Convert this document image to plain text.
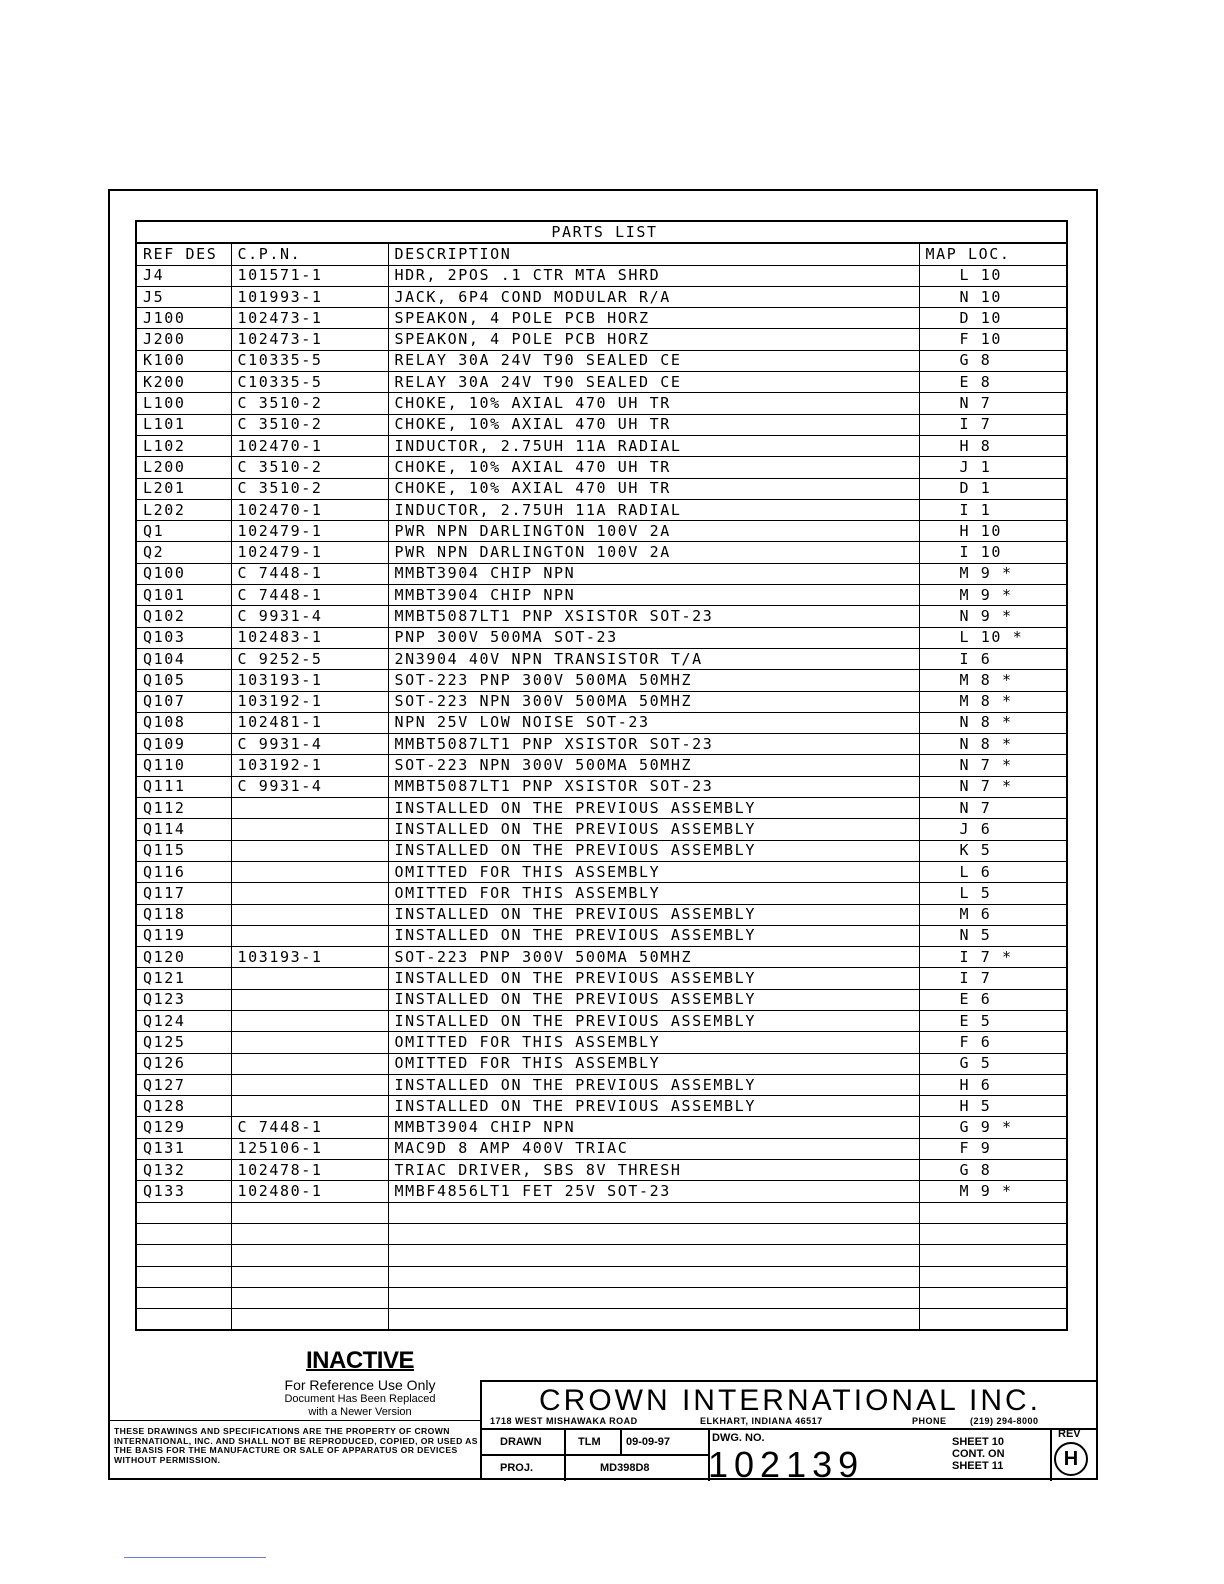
PARTS LIST			
REF DES	C.P.N.	DESCRIPTION	MAP LOC.
J4	101571-1	HDR, 2POS .1 CTR MTA SHRD	L 10
J5	101993-1	JACK, 6P4 COND MODULAR R/A	N 10
J100	102473-1	SPEAKON, 4 POLE PCB HORZ	D 10
J200	102473-1	SPEAKON, 4 POLE PCB HORZ	F 10
K100	C10335-5	RELAY 30A 24V T90 SEALED CE	G 8
K200	C10335-5	RELAY 30A 24V T90 SEALED CE	E 8
L100	C 3510-2	CHOKE, 10% AXIAL 470 UH TR	N 7
L101	C 3510-2	CHOKE, 10% AXIAL 470 UH TR	I 7
L102	102470-1	INDUCTOR, 2.75UH 11A RADIAL	H 8
L200	C 3510-2	CHOKE, 10% AXIAL 470 UH TR	J 1
L201	C 3510-2	CHOKE, 10% AXIAL 470 UH TR	D 1
L202	102470-1	INDUCTOR, 2.75UH 11A RADIAL	I 1
Q1	102479-1	PWR NPN DARLINGTON 100V 2A	H 10
Q2	102479-1	PWR NPN DARLINGTON 100V 2A	I 10
Q100	C 7448-1	MMBT3904 CHIP NPN	M 9 *
Q101	C 7448-1	MMBT3904 CHIP NPN	M 9 *
Q102	C 9931-4	MMBT5087LT1 PNP XSISTOR SOT-23	N 9 *
Q103	102483-1	PNP 300V 500MA SOT-23	L 10 *
Q104	C 9252-5	2N3904 40V NPN TRANSISTOR T/A	I 6
Q105	103193-1	SOT-223 PNP 300V 500MA 50MHZ	M 8 *
Q107	103192-1	SOT-223 NPN 300V 500MA 50MHZ	M 8 *
Q108	102481-1	NPN 25V LOW NOISE SOT-23	N 8 *
Q109	C 9931-4	MMBT5087LT1 PNP XSISTOR SOT-23	N 8 *
Q110	103192-1	SOT-223 NPN 300V 500MA 50MHZ	N 7 *
Q111	C 9931-4	MMBT5087LT1 PNP XSISTOR SOT-23	N 7 *
Q112		INSTALLED ON THE PREVIOUS ASSEMBLY	N 7
Q114		INSTALLED ON THE PREVIOUS ASSEMBLY	J 6
Q115		INSTALLED ON THE PREVIOUS ASSEMBLY	K 5
Q116		OMITTED FOR THIS ASSEMBLY	L 6
Q117		OMITTED FOR THIS ASSEMBLY	L 5
Q118		INSTALLED ON THE PREVIOUS ASSEMBLY	M 6
Q119		INSTALLED ON THE PREVIOUS ASSEMBLY	N 5
Q120	103193-1	SOT-223 PNP 300V 500MA 50MHZ	I 7 *
Q121		INSTALLED ON THE PREVIOUS ASSEMBLY	I 7
Q123		INSTALLED ON THE PREVIOUS ASSEMBLY	E 6
Q124		INSTALLED ON THE PREVIOUS ASSEMBLY	E 5
Q125		OMITTED FOR THIS ASSEMBLY	F 6
Q126		OMITTED FOR THIS ASSEMBLY	G 5
Q127		INSTALLED ON THE PREVIOUS ASSEMBLY	H 6
Q128		INSTALLED ON THE PREVIOUS ASSEMBLY	H 5
Q129	C 7448-1	MMBT3904 CHIP NPN	G 9 *
Q131	125106-1	MAC9D 8 AMP 400V TRIAC	F 9
Q132	102478-1	TRIAC DRIVER, SBS 8V THRESH	G 8
Q133	102480-1	MMBF4856LT1 FET 25V SOT-23	M 9 *

INACTIVE
For Reference Use Only
Document Has Been Replaced
with a Newer Version
THESE DRAWINGS AND SPECIFICATIONS ARE THE PROPERTY OF CROWN INTERNATIONAL, INC. AND SHALL NOT BE REPRODUCED, COPIED, OR USED AS THE BASIS FOR THE MANUFACTURE OR SALE OF APPARATUS OR DEVICES WITHOUT PERMISSION.
CROWN INTERNATIONAL INC.
1718 WEST MISHAWAKA ROAD	ELKHART, INDIANA 46517	PHONE	(219) 294-8000
DRAWN	TLM 09-09-97
PROJ.	MD398D8
DWG. NO.
102139
SHEET 10
CONT. ON
SHEET 11
REV
H
